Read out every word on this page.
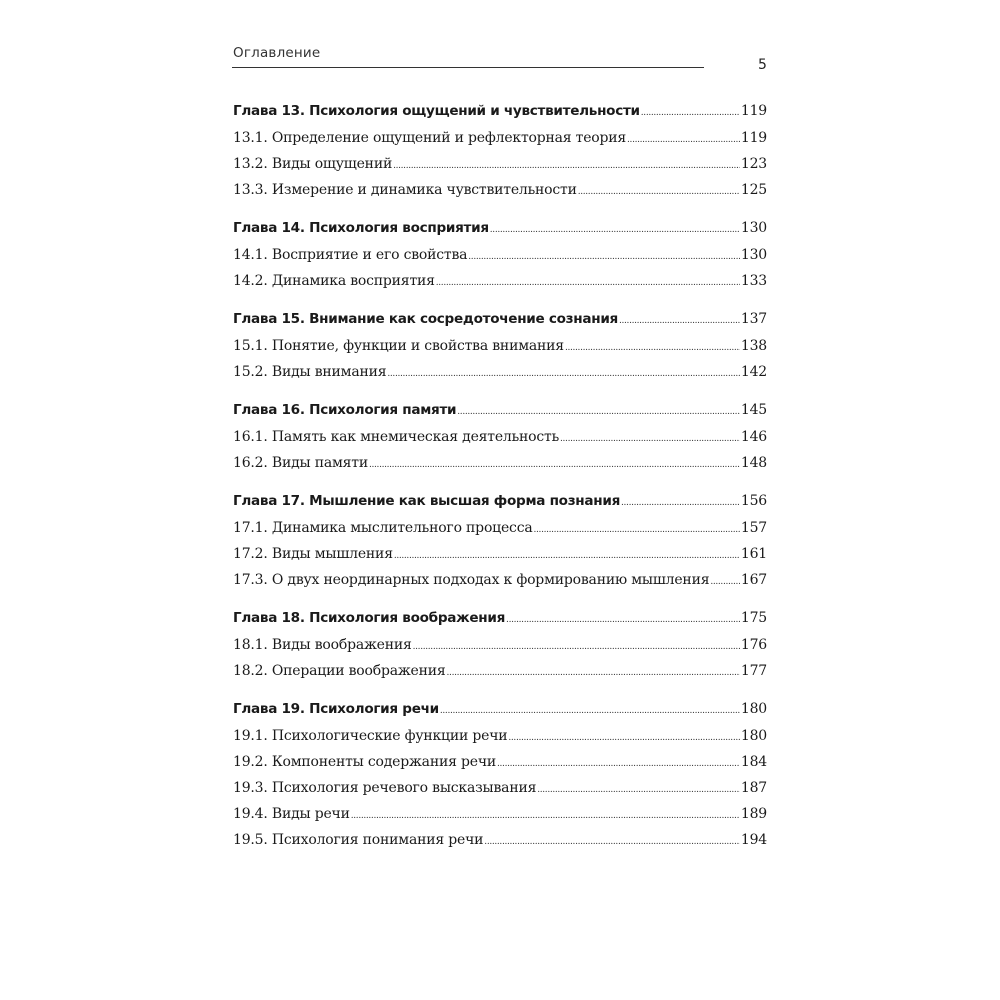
Оглавление
5
Глава 13. Психология ощущений и чувствительности . . .	119
13.1. Определение ощущений и рефлекторная теория . . .	119
13.2. Виды ощущений . . .	123
13.3. Измерение и динамика чувствительности . . .	125
Глава 14. Психология восприятия . . .	130
14.1. Восприятие и его свойства . . .	130
14.2. Динамика восприятия . . .	133
Глава 15. Внимание как сосредоточение сознания . . .	137
15.1. Понятие, функции и свойства внимания . . .	138
15.2. Виды внимания . . .	142
Глава 16. Психология памяти . . .	145
16.1. Память как мнемическая деятельность . . .	146
16.2. Виды памяти . . .	148
Глава 17. Мышление как высшая форма познания . . .	156
17.1. Динамика мыслительного процесса . . .	157
17.2. Виды мышления . . .	161
17.3. О двух неординарных подходах к формированию мышления . . . 167
Глава 18. Психология воображения . . .	175
18.1. Виды воображения . . .	176
18.2. Операции воображения . . .	177
Глава 19. Психология речи . . .	180
19.1. Психологические функции речи . . .	180
19.2. Компоненты содержания речи . . .	184
19.3. Психология речевого высказывания . . .	187
19.4. Виды речи . . .	189
19.5. Психология понимания речи . . .	194
